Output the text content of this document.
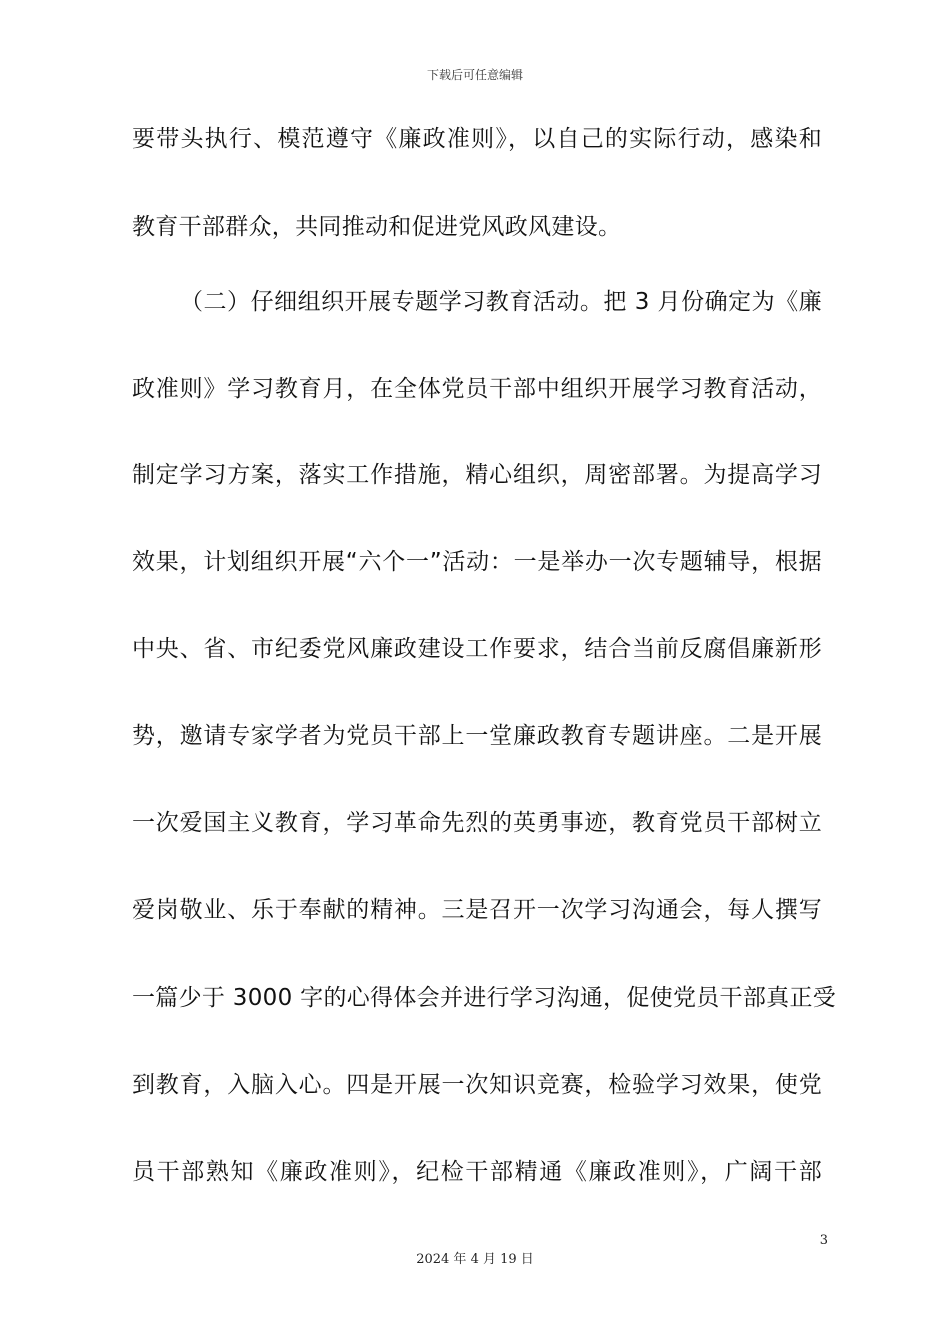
下载后可任意编辑
要带头执行、模范遵守《廉政准则》，以自己的实际行动，感染和
教育干部群众，共同推动和促进党风政风建设。
（二）仔细组织开展专题学习教育活动。把 3 月份确定为《廉
政准则》学习教育月，在全体党员干部中组织开展学习教育活动，
制定学习方案，落实工作措施，精心组织，周密部署。为提高学习
效果，计划组织开展“六个一”活动：一是举办一次专题辅导，根据
中央、省、市纪委党风廉政建设工作要求，结合当前反腐倡廉新形
势，邀请专家学者为党员干部上一堂廉政教育专题讲座。二是开展
一次爱国主义教育，学习革命先烈的英勇事迹，教育党员干部树立
爱岗敬业、乐于奉献的精神。三是召开一次学习沟通会，每人撰写
一篇少于 3000 字的心得体会并进行学习沟通，促使党员干部真正受
到教育，入脑入心。四是开展一次知识竞赛，检验学习效果，使党
员干部熟知《廉政准则》，纪检干部精通《廉政准则》，广阔干部
3
2024 年 4 月 19 日
